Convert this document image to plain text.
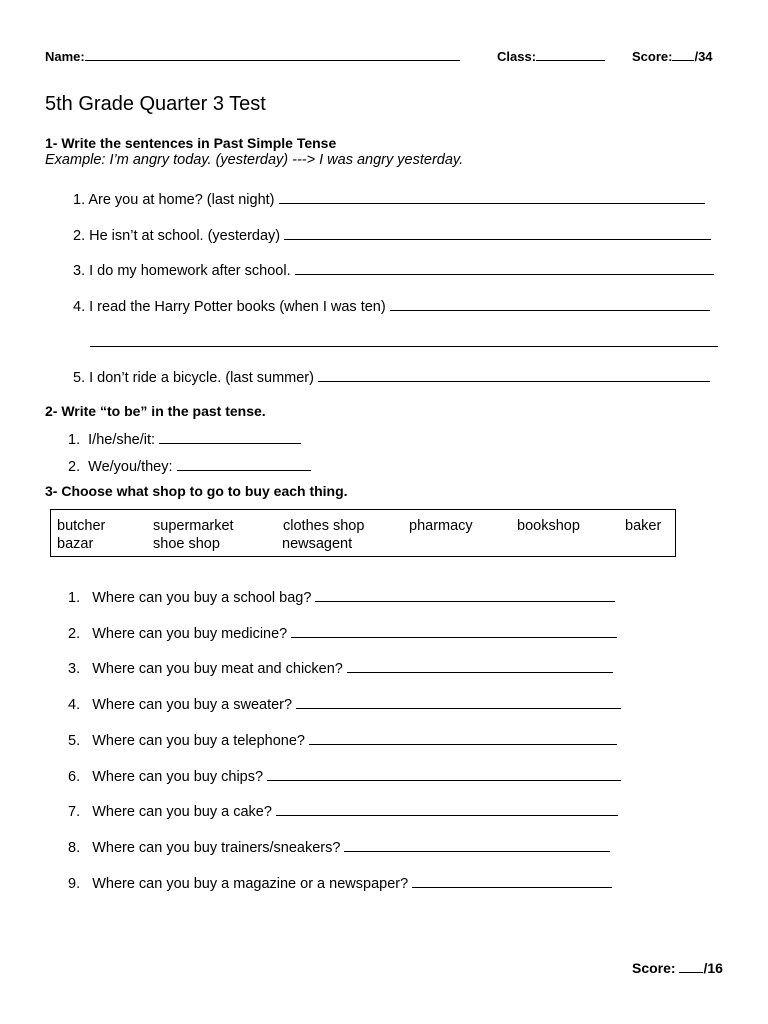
Name:	Class:	Score: /34
5th Grade Quarter 3 Test
1- Write the sentences in Past Simple Tense
Example: I’m angry today. (yesterday) ---> I was angry yesterday.
1. Are you at home? (last night)
2. He isn’t at school. (yesterday)
3. I do my homework after school.
4. I read the Harry Potter books (when I was ten)
5. I don’t ride a bicycle. (last summer)
2- Write “to be” in the past tense.
1. I/he/she/it:
2. We/you/they:
3- Choose what shop to go to buy each thing.
butcher	supermarket	clothes shop	pharmacy	bookshop	baker
bazar	shoe shop	newsagent
1. Where can you buy a school bag?
2. Where can you buy medicine?
3. Where can you buy meat and chicken?
4. Where can you buy a sweater?
5. Where can you buy a telephone?
6. Where can you buy chips?
7. Where can you buy a cake?
8. Where can you buy trainers/sneakers?
9. Where can you buy a magazine or a newspaper?
Score: /16
